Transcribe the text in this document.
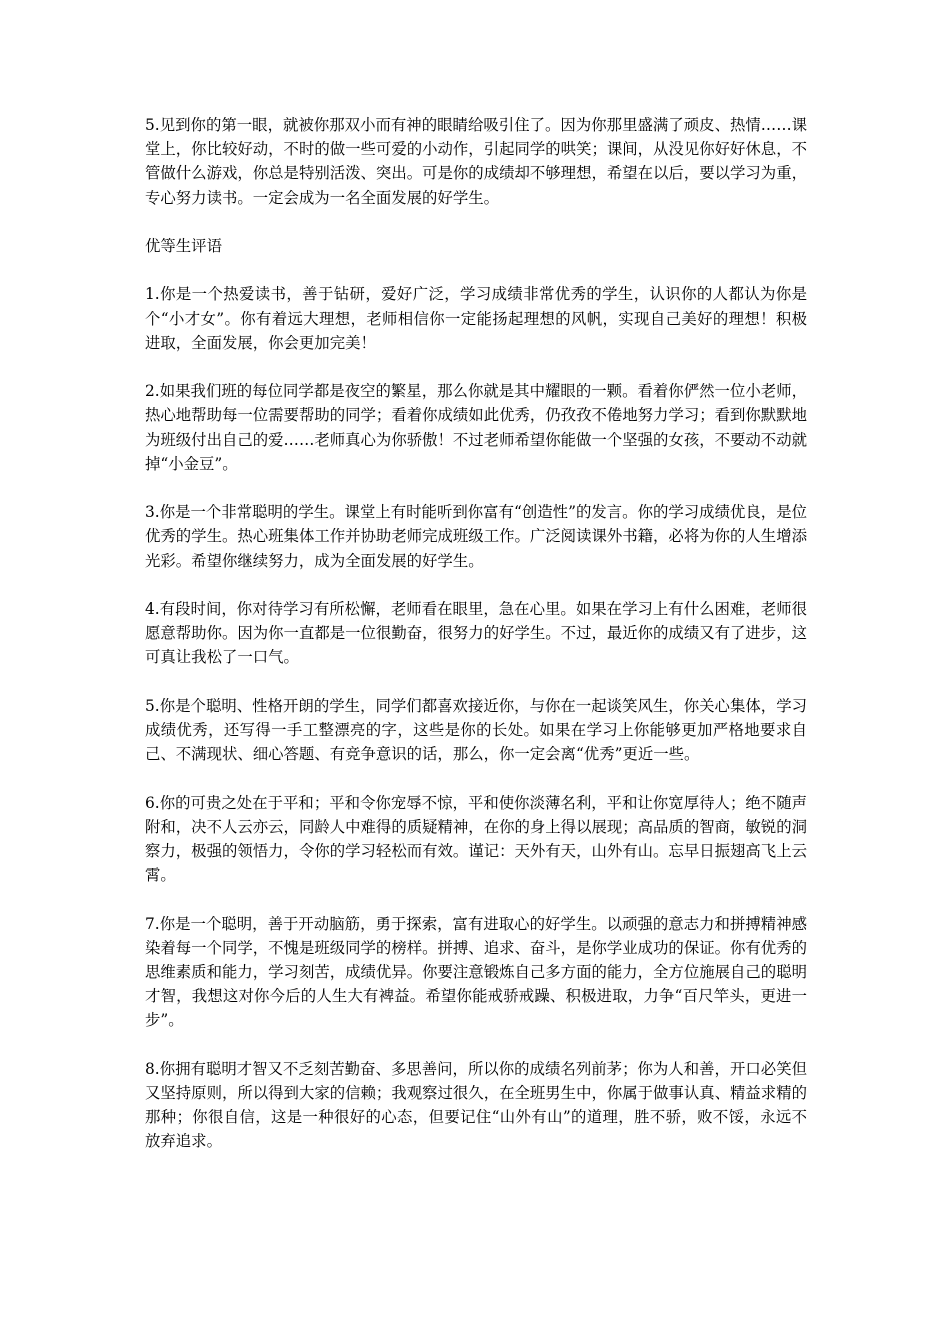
5.见到你的第一眼，就被你那双小而有神的眼睛给吸引住了。因为你那里盛满了顽皮、热情……课堂上，你比较好动，不时的做一些可爱的小动作，引起同学的哄笑；课间，从没见你好好休息，不管做什么游戏，你总是特别活泼、突出。可是你的成绩却不够理想，希望在以后，要以学习为重，专心努力读书。一定会成为一名全面发展的好学生。

优等生评语

1.你是一个热爱读书，善于钻研，爱好广泛，学习成绩非常优秀的学生，认识你的人都认为你是个“小才女”。你有着远大理想，老师相信你一定能扬起理想的风帆，实现自己美好的理想！积极进取，全面发展，你会更加完美！

2.如果我们班的每位同学都是夜空的繁星，那么你就是其中耀眼的一颗。看着你俨然一位小老师，热心地帮助每一位需要帮助的同学；看着你成绩如此优秀，仍孜孜不倦地努力学习；看到你默默地为班级付出自己的爱……老师真心为你骄傲！不过老师希望你能做一个坚强的女孩，不要动不动就掉“小金豆”。

3.你是一个非常聪明的学生。课堂上有时能听到你富有“创造性”的发言。你的学习成绩优良，是位优秀的学生。热心班集体工作并协助老师完成班级工作。广泛阅读课外书籍，必将为你的人生增添光彩。希望你继续努力，成为全面发展的好学生。

4.有段时间，你对待学习有所松懈，老师看在眼里，急在心里。如果在学习上有什么困难，老师很愿意帮助你。因为你一直都是一位很勤奋，很努力的好学生。不过，最近你的成绩又有了进步，这可真让我松了一口气。

5.你是个聪明、性格开朗的学生，同学们都喜欢接近你，与你在一起谈笑风生，你关心集体，学习成绩优秀，还写得一手工整漂亮的字，这些是你的长处。如果在学习上你能够更加严格地要求自己、不满现状、细心答题、有竞争意识的话，那么，你一定会离“优秀”更近一些。

6.你的可贵之处在于平和；平和令你宠辱不惊，平和使你淡薄名利，平和让你宽厚待人；绝不随声附和，决不人云亦云，同龄人中难得的质疑精神，在你的身上得以展现；高品质的智商，敏锐的洞察力，极强的领悟力，令你的学习轻松而有效。谨记：天外有天，山外有山。忘早日振翅高飞上云霄。

7.你是一个聪明，善于开动脑筋，勇于探索，富有进取心的好学生。以顽强的意志力和拼搏精神感染着每一个同学，不愧是班级同学的榜样。拼搏、追求、奋斗，是你学业成功的保证。你有优秀的思维素质和能力，学习刻苦，成绩优异。你要注意锻炼自己多方面的能力，全方位施展自己的聪明才智，我想这对你今后的人生大有裨益。希望你能戒骄戒躁、积极进取，力争“百尺竿头，更进一步”。

8.你拥有聪明才智又不乏刻苦勤奋、多思善问，所以你的成绩名列前茅；你为人和善，开口必笑但又坚持原则，所以得到大家的信赖；我观察过很久，在全班男生中，你属于做事认真、精益求精的那种；你很自信，这是一种很好的心态，但要记住“山外有山”的道理，胜不骄，败不馁，永远不放弃追求。
